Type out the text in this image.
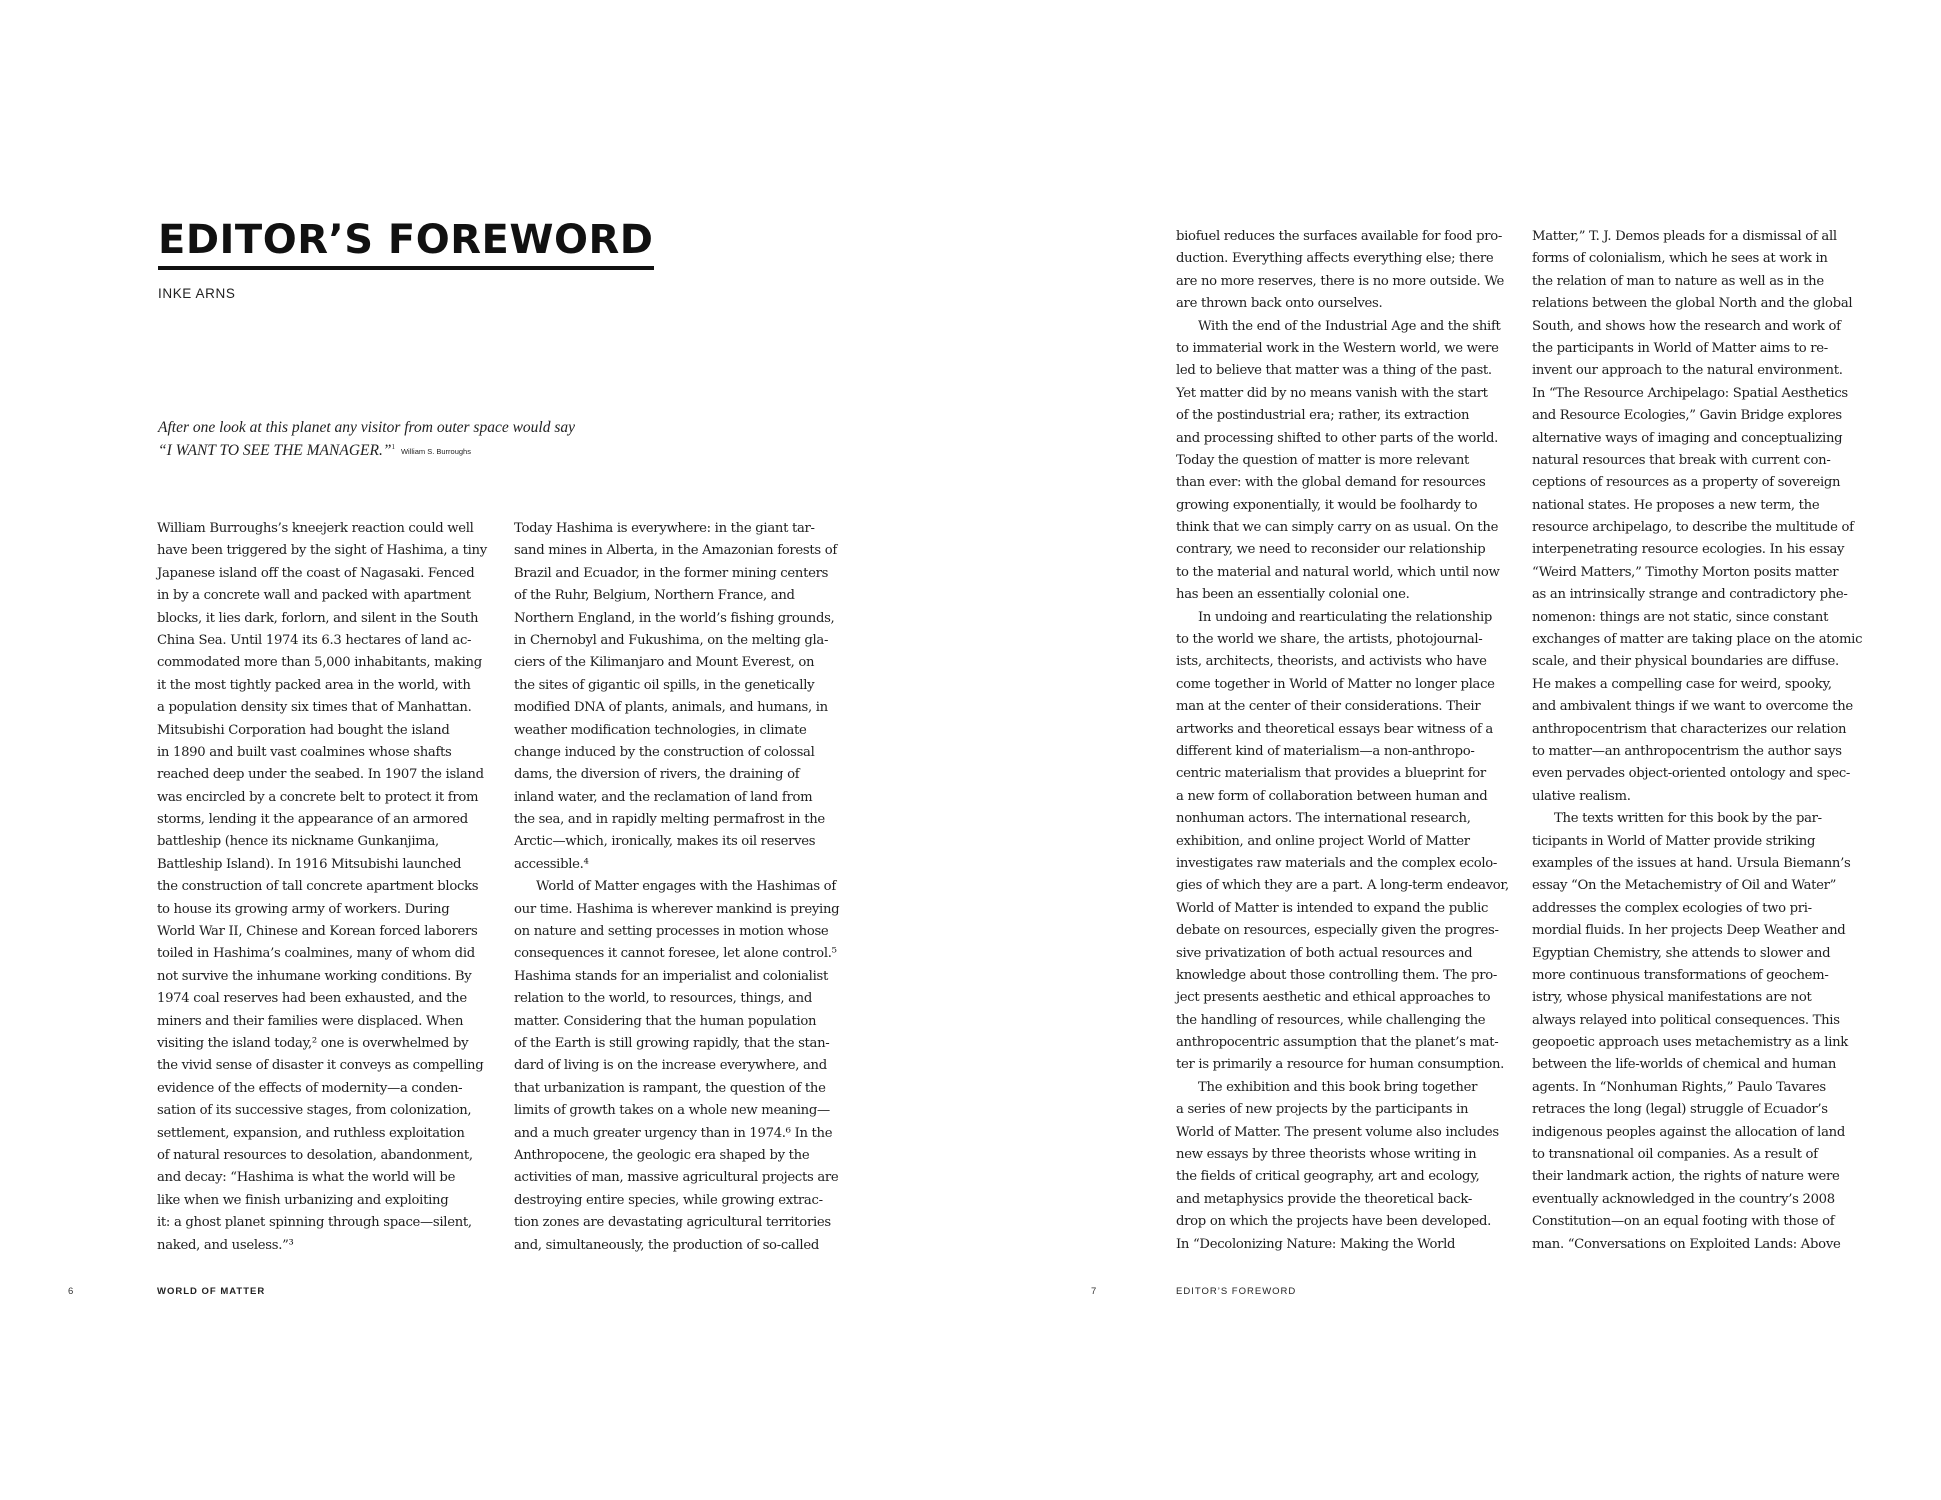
EDITOR’S FOREWORD
INKE ARNS
After one look at this planet any visitor from outer space would say
“I WANT TO SEE THE MANAGER.”$^1$ William S. Burroughs
William Burroughs’s kneejerk reaction could well
have been triggered by the sight of Hashima, a tiny
Japanese island off the coast of Nagasaki. Fenced
in by a concrete wall and packed with apartment
blocks, it lies dark, forlorn, and silent in the South
China Sea. Until 1974 its 6.3 hectares of land ac-
commodated more than 5,000 inhabitants, making
it the most tightly packed area in the world, with
a population density six times that of Manhattan.
Mitsubishi Corporation had bought the island
in 1890 and built vast coalmines whose shafts
reached deep under the seabed. In 1907 the island
was encircled by a concrete belt to protect it from
storms, lending it the appearance of an armored
battleship (hence its nickname Gunkanjima,
Battleship Island). In 1916 Mitsubishi launched
the construction of tall concrete apartment blocks
to house its growing army of workers. During
World War II, Chinese and Korean forced laborers
toiled in Hashima’s coalmines, many of whom did
not survive the inhumane working conditions. By
1974 coal reserves had been exhausted, and the
miners and their families were displaced. When
visiting the island today,² one is overwhelmed by
the vivid sense of disaster it conveys as compelling
evidence of the effects of modernity—a conden-
sation of its successive stages, from colonization,
settlement, expansion, and ruthless exploitation
of natural resources to desolation, abandonment,
and decay: “Hashima is what the world will be
like when we finish urbanizing and exploiting
it: a ghost planet spinning through space—silent,
naked, and useless.”³
Today Hashima is everywhere: in the giant tar-
sand mines in Alberta, in the Amazonian forests of
Brazil and Ecuador, in the former mining centers
of the Ruhr, Belgium, Northern France, and
Northern England, in the world’s fishing grounds,
in Chernobyl and Fukushima, on the melting gla-
ciers of the Kilimanjaro and Mount Everest, on
the sites of gigantic oil spills, in the genetically
modified DNA of plants, animals, and humans, in
weather modification technologies, in climate
change induced by the construction of colossal
dams, the diversion of rivers, the draining of
inland water, and the reclamation of land from
the sea, and in rapidly melting permafrost in the
Arctic—which, ironically, makes its oil reserves
accessible.⁴
World of Matter engages with the Hashimas of
our time. Hashima is wherever mankind is preying
on nature and setting processes in motion whose
consequences it cannot foresee, let alone control.⁵
Hashima stands for an imperialist and colonialist
relation to the world, to resources, things, and
matter. Considering that the human population
of the Earth is still growing rapidly, that the stan-
dard of living is on the increase everywhere, and
that urbanization is rampant, the question of the
limits of growth takes on a whole new meaning—
and a much greater urgency than in 1974.⁶ In the
Anthropocene, the geologic era shaped by the
activities of man, massive agricultural projects are
destroying entire species, while growing extrac-
tion zones are devastating agricultural territories
and, simultaneously, the production of so-called
biofuel reduces the surfaces available for food pro-
duction. Everything affects everything else; there
are no more reserves, there is no more outside. We
are thrown back onto ourselves.
With the end of the Industrial Age and the shift
to immaterial work in the Western world, we were
led to believe that matter was a thing of the past.
Yet matter did by no means vanish with the start
of the postindustrial era; rather, its extraction
and processing shifted to other parts of the world.
Today the question of matter is more relevant
than ever: with the global demand for resources
growing exponentially, it would be foolhardy to
think that we can simply carry on as usual. On the
contrary, we need to reconsider our relationship
to the material and natural world, which until now
has been an essentially colonial one.
In undoing and rearticulating the relationship
to the world we share, the artists, photojournal-
ists, architects, theorists, and activists who have
come together in World of Matter no longer place
man at the center of their considerations. Their
artworks and theoretical essays bear witness of a
different kind of materialism—a non-anthropo-
centric materialism that provides a blueprint for
a new form of collaboration between human and
nonhuman actors. The international research,
exhibition, and online project World of Matter
investigates raw materials and the complex ecolo-
gies of which they are a part. A long-term endeavor,
World of Matter is intended to expand the public
debate on resources, especially given the progres-
sive privatization of both actual resources and
knowledge about those controlling them. The pro-
ject presents aesthetic and ethical approaches to
the handling of resources, while challenging the
anthropocentric assumption that the planet’s mat-
ter is primarily a resource for human consumption.
The exhibition and this book bring together
a series of new projects by the participants in
World of Matter. The present volume also includes
new essays by three theorists whose writing in
the fields of critical geography, art and ecology,
and metaphysics provide the theoretical back-
drop on which the projects have been developed.
In “Decolonizing Nature: Making the World
Matter,” T. J. Demos pleads for a dismissal of all
forms of colonialism, which he sees at work in
the relation of man to nature as well as in the
relations between the global North and the global
South, and shows how the research and work of
the participants in World of Matter aims to re-
invent our approach to the natural environment.
In “The Resource Archipelago: Spatial Aesthetics
and Resource Ecologies,” Gavin Bridge explores
alternative ways of imaging and conceptualizing
natural resources that break with current con-
ceptions of resources as a property of sovereign
national states. He proposes a new term, the
resource archipelago, to describe the multitude of
interpenetrating resource ecologies. In his essay
“Weird Matters,” Timothy Morton posits matter
as an intrinsically strange and contradictory phe-
nomenon: things are not static, since constant
exchanges of matter are taking place on the atomic
scale, and their physical boundaries are diffuse.
He makes a compelling case for weird, spooky,
and ambivalent things if we want to overcome the
anthropocentrism that characterizes our relation
to matter—an anthropocentrism the author says
even pervades object-oriented ontology and spec-
ulative realism.
The texts written for this book by the par-
ticipants in World of Matter provide striking
examples of the issues at hand. Ursula Biemann’s
essay “On the Metachemistry of Oil and Water”
addresses the complex ecologies of two pri-
mordial fluids. In her projects Deep Weather and
Egyptian Chemistry, she attends to slower and
more continuous transformations of geochem-
istry, whose physical manifestations are not
always relayed into political consequences. This
geopoetic approach uses metachemistry as a link
between the life-worlds of chemical and human
agents. In “Nonhuman Rights,” Paulo Tavares
retraces the long (legal) struggle of Ecuador’s
indigenous peoples against the allocation of land
to transnational oil companies. As a result of
their landmark action, the rights of nature were
eventually acknowledged in the country’s 2008
Constitution—on an equal footing with those of
man. “Conversations on Exploited Lands: Above
6	WORLD OF MATTER	7	EDITOR’S FOREWORD
